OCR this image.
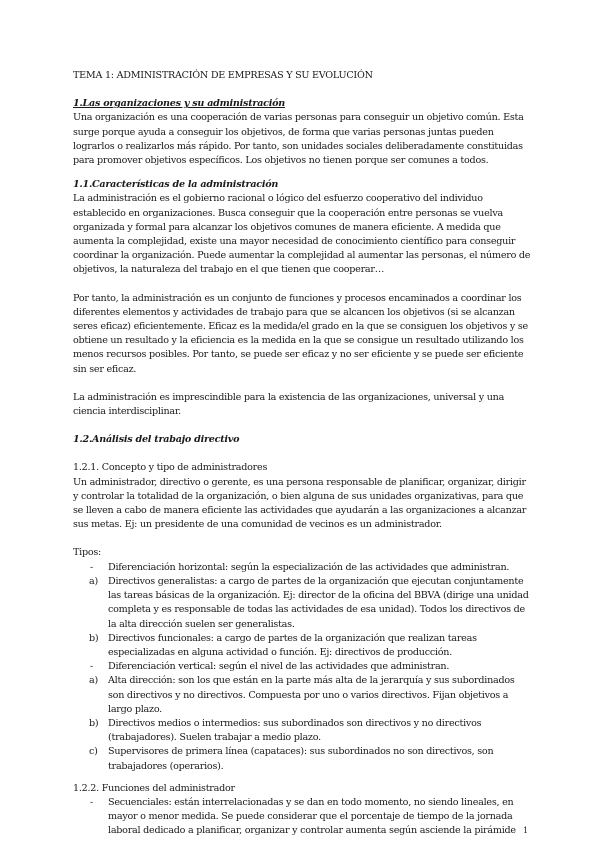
TEMA 1: ADMINISTRACIÓN DE EMPRESAS Y SU EVOLUCIÓN

1.Las organizaciones y su administración

Una organización es una cooperación de varias personas para conseguir un objetivo común. Esta surge porque ayuda a conseguir los objetivos, de forma que varias personas juntas pueden lograrlos o realizarlos más rápido. Por tanto, son unidades sociales deliberadamente constituidas para promover objetivos específicos. Los objetivos no tienen porque ser comunes a todos.

1.1.Características de la administración

La administración es el gobierno racional o lógico del esfuerzo cooperativo del individuo establecido en organizaciones. Busca conseguir que la cooperación entre personas se vuelva organizada y formal para alcanzar los objetivos comunes de manera eficiente. A medida que aumenta la complejidad, existe una mayor necesidad de conocimiento científico para conseguir coordinar la organización. Puede aumentar la complejidad al aumentar las personas, el número de objetivos, la naturaleza del trabajo en el que tienen que cooperar…

Por tanto, la administración es un conjunto de funciones y procesos encaminados a coordinar los diferentes elementos y actividades de trabajo para que se alcancen los objetivos (si se alcanzan seres eficaz) eficientemente. Eficaz es la medida/el grado en la que se consiguen los objetivos y se obtiene un resultado y la eficiencia es la medida en la que se consigue un resultado utilizando los menos recursos posibles. Por tanto, se puede ser eficaz y no ser eficiente y se puede ser eficiente sin ser eficaz.

La administración es imprescindible para la existencia de las organizaciones, universal y una ciencia interdisciplinar.

1.2.Análisis del trabajo directivo

1.2.1. Concepto y tipo de administradores

Un administrador, directivo o gerente, es una persona responsable de planificar, organizar, dirigir y controlar la totalidad de la organización, o bien alguna de sus unidades organizativas, para que se lleven a cabo de manera eficiente las actividades que ayudarán a las organizaciones a alcanzar sus metas. Ej: un presidente de una comunidad de vecinos es un administrador.

Tipos:

- Diferenciación horizontal: según la especialización de las actividades que administran.
a) Directivos generalistas: a cargo de partes de la organización que ejecutan conjuntamente las tareas básicas de la organización. Ej: director de la oficina del BBVA (dirige una unidad completa y es responsable de todas las actividades de esa unidad). Todos los directivos de la alta dirección suelen ser generalistas.
b) Directivos funcionales: a cargo de partes de la organización que realizan tareas especializadas en alguna actividad o función. Ej: directivos de producción.
- Diferenciación vertical: según el nivel de las actividades que administran.
a) Alta dirección: son los que están en la parte más alta de la jerarquía y sus subordinados son directivos y no directivos. Compuesta por uno o varios directivos. Fijan objetivos a largo plazo.
b) Directivos medios o intermedios: sus subordinados son directivos y no directivos (trabajadores). Suelen trabajar a medio plazo.
c) Supervisores de primera línea (capataces): sus subordinados no son directivos, son trabajadores (operarios).

1.2.2. Funciones del administrador

- Secuenciales: están interrelacionadas y se dan en todo momento, no siendo lineales, en mayor o menor medida. Se puede considerar que el porcentaje de tiempo de la jornada laboral dedicado a planificar, organizar y controlar aumenta según asciende la pirámide 1
